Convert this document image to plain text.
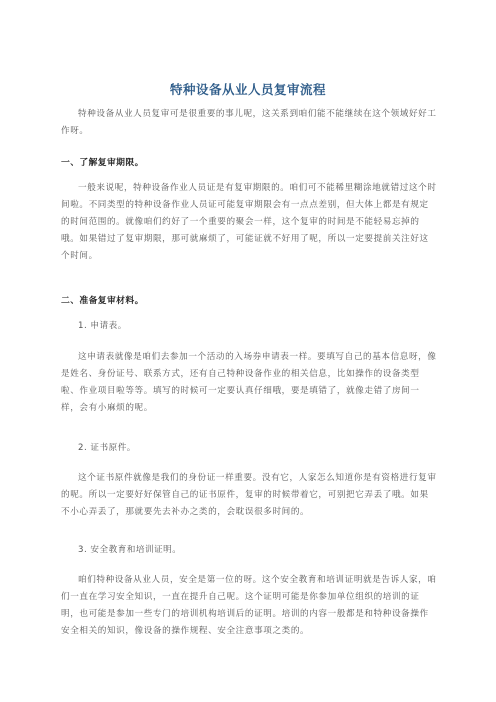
特种设备从业人员复审流程
特种设备从业人员复审可是很重要的事儿呢，这关系到咱们能不能继续在这个领域好好工作呀。
一、了解复审期限。
一般来说呢，特种设备作业人员证是有复审期限的。咱们可不能稀里糊涂地就错过这个时间啦。不同类型的特种设备作业人员证可能复审期限会有一点点差别，但大体上都是有规定的时间范围的。就像咱们约好了一个重要的聚会一样，这个复审的时间是不能轻易忘掉的哦。如果错过了复审期限，那可就麻烦了，可能证就不好用了呢，所以一定要提前关注好这个时间。
二、准备复审材料。
1. 申请表。
这申请表就像是咱们去参加一个活动的入场券申请表一样。要填写自己的基本信息呀，像是姓名、身份证号、联系方式，还有自己特种设备作业的相关信息，比如操作的设备类型啦、作业项目啦等等。填写的时候可一定要认真仔细哦，要是填错了，就像走错了房间一样，会有小麻烦的呢。
2. 证书原件。
这个证书原件就像是我们的身份证一样重要。没有它，人家怎么知道你是有资格进行复审的呢。所以一定要好好保管自己的证书原件，复审的时候带着它，可别把它弄丢了哦。如果不小心弄丢了，那就要先去补办之类的，会耽误很多时间的。
3. 安全教育和培训证明。
咱们特种设备从业人员，安全是第一位的呀。这个安全教育和培训证明就是告诉人家，咱们一直在学习安全知识，一直在提升自己呢。这个证明可能是你参加单位组织的培训的证明，也可能是参加一些专门的培训机构培训后的证明。培训的内容一般都是和特种设备操作安全相关的知识，像设备的操作规程、安全注意事项之类的。
